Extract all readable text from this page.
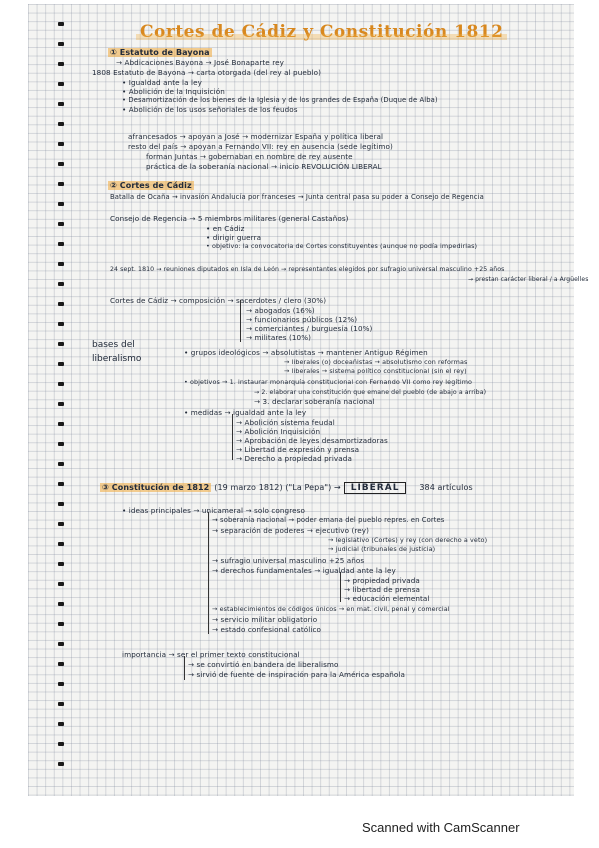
Cortes de Cádiz y Constitución 1812
① Estatuto de Bayona
→ Abdicaciones Bayona → José Bonaparte rey
1808 Estatuto de Bayona → carta otorgada (del rey al pueblo)
• Igualdad ante la ley
• Abolición de la Inquisición
• Desamortización de los bienes de la Iglesia y de los grandes de España (Duque de Alba)
• Abolición de los usos señoriales de los feudos
afrancesados → apoyan a José → modernizar España y política liberal
resto del país → apoyan a Fernando VII: rey en ausencia (sede legítimo)
forman Juntas → gobernaban en nombre de rey ausente
práctica de la soberanía nacional → inicio REVOLUCIÓN LIBERAL
② Cortes de Cádiz
Batalla de Ocaña → invasión Andalucía por franceses → Junta central pasa su poder a Consejo de Regencia
Consejo de Regencia → 5 miembros militares (general Castaños)
• en Cádiz
• dirigir guerra
• objetivo: la convocatoria de Cortes constituyentes (aunque no podía impedirlas)
24 sept. 1810 → reuniones diputados en Isla de León → representantes elegidos por sufragio universal masculino +25 años
→ prestan carácter liberal / a Argüelles
Cortes de Cádiz → composición → sacerdotes / clero (30%)
→ abogados (16%)
→ funcionarios públicos (12%)
→ comerciantes / burguesía (10%)
→ militares (10%)
bases del liberalismo
• grupos ideológicos → absolutistas → mantener Antiguo Régimen
→ liberales (o) doceañistas → absolutismo con reformas
→ liberales → sistema político constitucional (sin el rey)
• objetivos → 1. instaurar monarquía constitucional con Fernando VII como rey legítimo
→ 2. elaborar una constitución que emane del pueblo (de abajo a arriba)
→ 3. declarar soberanía nacional
• medidas → igualdad ante la ley
→ Abolición sistema feudal
→ Abolición Inquisición
→ Aprobación de leyes desamortizadoras
→ Libertad de expresión y prensa
→ Derecho a propiedad privada
③ Constitución de 1812 (19 marzo 1812) ("La Pepa") → LIBERAL 384 artículos
• ideas principales → unicameral → solo congreso
→ soberanía nacional → poder emana del pueblo repres. en Cortes
→ separación de poderes → ejecutivo (rey)
→ legislativo (Cortes) y rey (con derecho a veto)
→ judicial (tribunales de justicia)
→ sufragio universal masculino +25 años
→ derechos fundamentales → igualdad ante la ley
→ propiedad privada
→ libertad de prensa
→ educación elemental
→ establecimientos de códigos únicos → en mat. civil, penal y comercial
→ servicio militar obligatorio
→ estado confesional católico
importancia → ser el primer texto constitucional
→ se convirtió en bandera de liberalismo
→ sirvió de fuente de inspiración para la América española
Scanned with CamScanner
